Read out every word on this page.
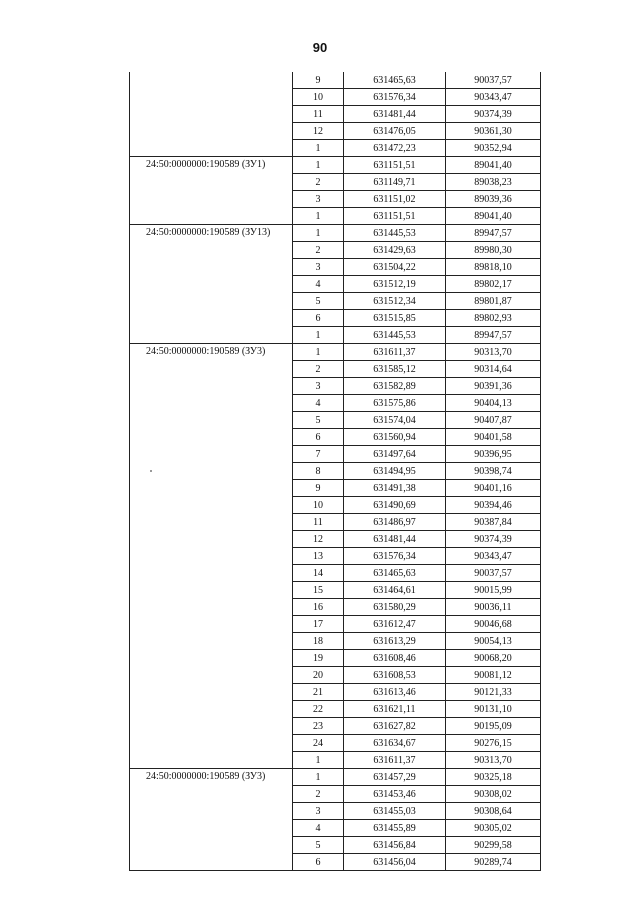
90
	9	631465,63	90037,57
	10	631576,34	90343,47
	11	631481,44	90374,39
	12	631476,05	90361,30
	1	631472,23	90352,94
24:50:0000000:190589 (ЗУ1)	1	631151,51	89041,40
	2	631149,71	89038,23
	3	631151,02	89039,36
	1	631151,51	89041,40
24:50:0000000:190589 (ЗУ13)	1	631445,53	89947,57
	2	631429,63	89980,30
	3	631504,22	89818,10
	4	631512,19	89802,17
	5	631512,34	89801,87
	6	631515,85	89802,93
	1	631445,53	89947,57
24:50:0000000:190589 (ЗУ3)	1	631611,37	90313,70
	2	631585,12	90314,64
	3	631582,89	90391,36
	4	631575,86	90404,13
	5	631574,04	90407,87
	6	631560,94	90401,58
	7	631497,64	90396,95
	8	631494,95	90398,74
	9	631491,38	90401,16
	10	631490,69	90394,46
	11	631486,97	90387,84
	12	631481,44	90374,39
	13	631576,34	90343,47
	14	631465,63	90037,57
	15	631464,61	90015,99
	16	631580,29	90036,11
	17	631612,47	90046,68
	18	631613,29	90054,13
	19	631608,46	90068,20
	20	631608,53	90081,12
	21	631613,46	90121,33
	22	631621,11	90131,10
	23	631627,82	90195,09
	24	631634,67	90276,15
	1	631611,37	90313,70
24:50:0000000:190589 (ЗУ3)	1	631457,29	90325,18
	2	631453,46	90308,02
	3	631455,03	90308,64
	4	631455,89	90305,02
	5	631456,84	90299,58
	6	631456,04	90289,74
